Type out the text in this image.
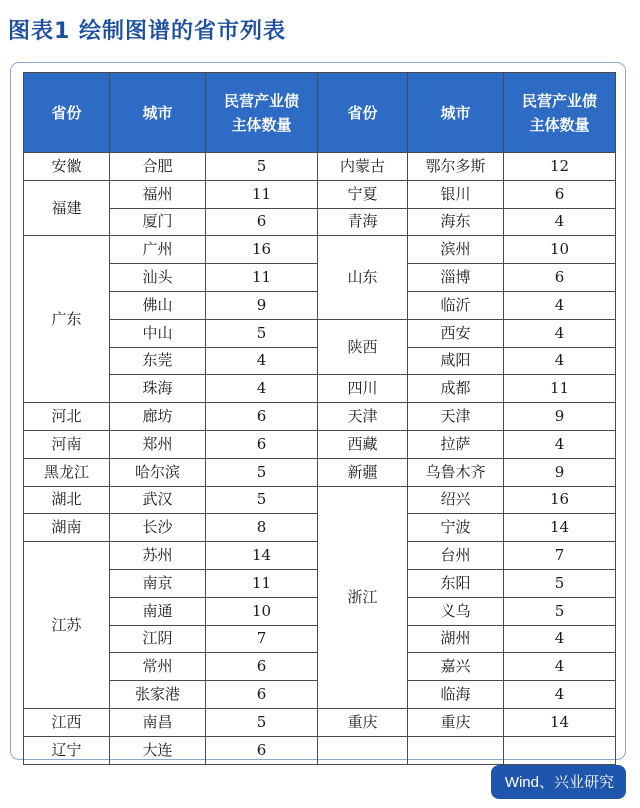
图表1 绘制图谱的省市列表
省份	城市	民营产业债主体数量	省份	城市	民营产业债主体数量
安徽	合肥	5	内蒙古	鄂尔多斯	12
福建	福州	11	宁夏	银川	6
	厦门	6	青海	海东	4
广东	广州	16	山东	滨州	10
	汕头	11		淄博	6
	佛山	9		临沂	4
	中山	5	陕西	西安	4
	东莞	4		咸阳	4
	珠海	4	四川	成都	11
河北	廊坊	6	天津	天津	9
河南	郑州	6	西藏	拉萨	4
黑龙江	哈尔滨	5	新疆	乌鲁木齐	9
湖北	武汉	5	浙江	绍兴	16
湖南	长沙	8		宁波	14
江苏	苏州	14		台州	7
	南京	11		东阳	5
	南通	10		义乌	5
	江阴	7		湖州	4
	常州	6		嘉兴	4
	张家港	6		临海	4
江西	南昌	5	重庆	重庆	14
辽宁	大连	6			
Wind、兴业研究
